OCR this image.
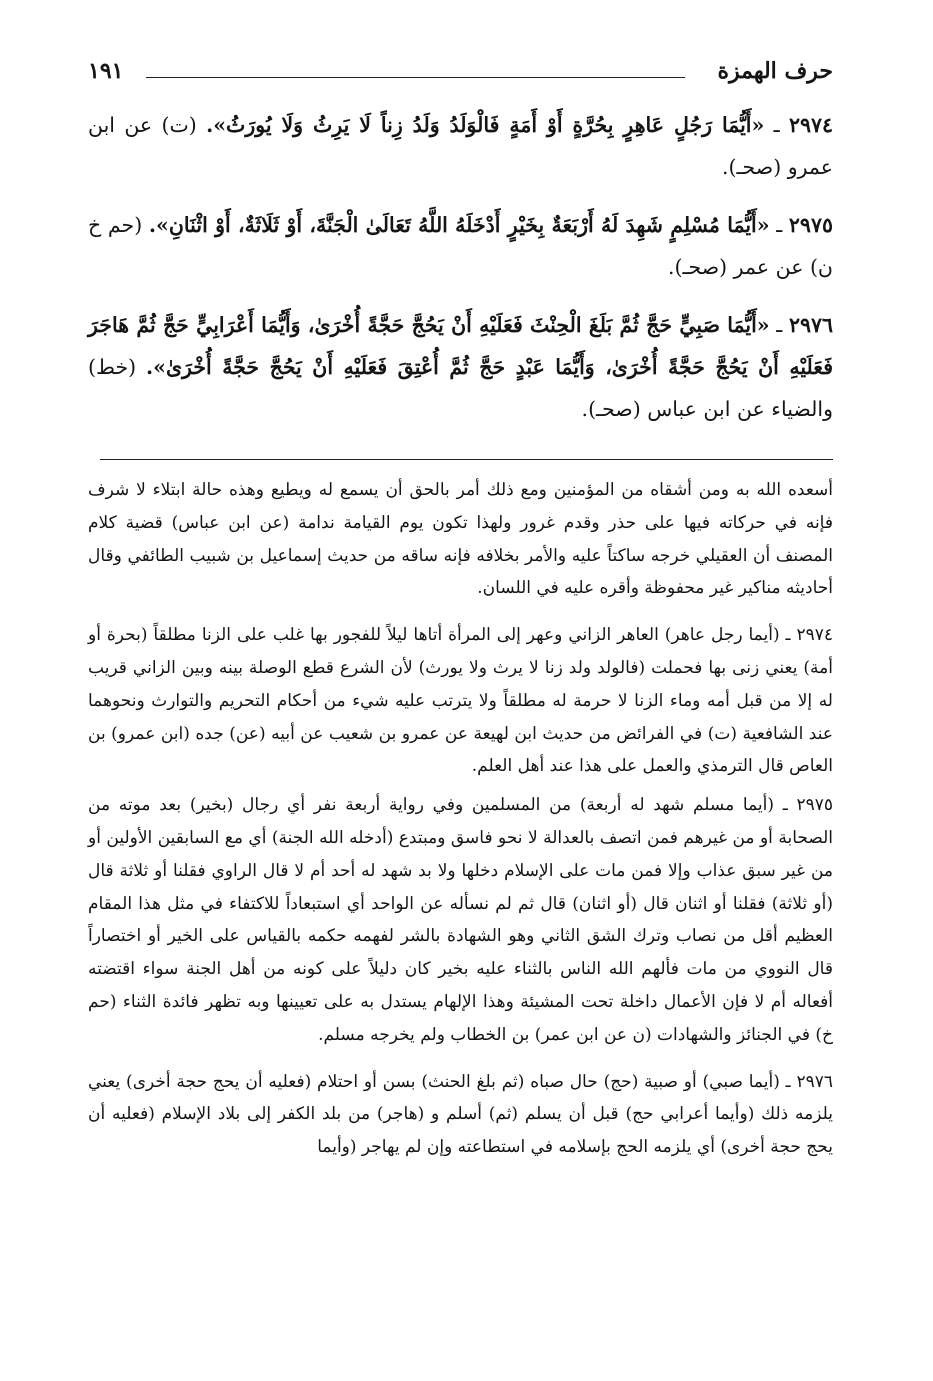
حرف الهمزة
١٩١

٢٩٧٤ ـ «أَيُّمَا رَجُلٍ عَاهِرٍ بِحُرَّةٍ أَوْ أَمَةٍ فَالْوَلَدُ وَلَدُ زِناً لَا يَرِثُ وَلَا يُورَثُ». (ت) عن ابن عمرو (صحـ).

٢٩٧٥ ـ «أَيُّمَا مُسْلِمٍ شَهِدَ لَهُ أَرْبَعَةٌ بِخَيْرٍ أَدْخَلَهُ اللَّهُ تَعَالَىٰ الْجَنَّةَ، أَوْ ثَلَاثَةٌ، أَوْ اثْنَانِ». (حم خ ن) عن عمر (صحـ).

٢٩٧٦ ـ «أَيُّمَا صَبِيٍّ حَجَّ ثُمَّ بَلَغَ الْحِنْثَ فَعَلَيْهِ أَنْ يَحُجَّ حَجَّةً أُخْرَىٰ، وَأَيُّمَا أَعْرَابِيٍّ حَجَّ ثُمَّ هَاجَرَ فَعَلَيْهِ أَنْ يَحُجَّ حَجَّةً أُخْرَىٰ، وَأَيُّمَا عَبْدٍ حَجَّ ثُمَّ أُعْتِقَ فَعَلَيْهِ أَنْ يَحُجَّ حَجَّةً أُخْرَىٰ». (خط) والضياء عن ابن عباس (صحـ).

أسعده الله به ومن أشقاه من المؤمنين ومع ذلك أمر بالحق أن يسمع له ويطيع وهذه حالة ابتلاء لا شرف فإنه في حركاته فيها على حذر وقدم غرور ولهذا تكون يوم القيامة ندامة (عن ابن عباس) قضية كلام المصنف أن العقيلي خرجه ساكتاً عليه والأمر بخلافه فإنه ساقه من حديث إسماعيل بن شبيب الطائفي وقال أحاديثه مناكير غير محفوظة وأقره عليه في اللسان.

٢٩٧٤ ـ (أيما رجل عاهر) العاهر الزاني وعهر إلى المرأة أتاها ليلاً للفجور بها غلب على الزنا مطلقاً (بحرة أو أمة) يعني زنى بها فحملت (فالولد ولد زنا لا يرث ولا يورث) لأن الشرع قطع الوصلة بينه وبين الزاني قريب له إلا من قبل أمه وماء الزنا لا حرمة له مطلقاً ولا يترتب عليه شيء من أحكام التحريم والتوارث ونحوهما عند الشافعية (ت) في الفرائض من حديث ابن لهيعة عن عمرو بن شعيب عن أبيه (عن) جده (ابن عمرو) بن العاص قال الترمذي والعمل على هذا عند أهل العلم.

٢٩٧٥ ـ (أيما مسلم شهد له أربعة) من المسلمين وفي رواية أربعة نفر أي رجال (بخير) بعد موته من الصحابة أو من غيرهم فمن اتصف بالعدالة لا نحو فاسق ومبتدع (أدخله الله الجنة) أي مع السابقين الأولين أو من غير سبق عذاب وإلا فمن مات على الإسلام دخلها ولا بد شهد له أحد أم لا قال الراوي فقلنا أو ثلاثة قال (أو ثلاثة) فقلنا أو اثنان قال (أو اثنان) قال ثم لم نسأله عن الواحد أي استبعاداً للاكتفاء في مثل هذا المقام العظيم أقل من نصاب وترك الشق الثاني وهو الشهادة بالشر لفهمه حكمه بالقياس على الخير أو اختصاراً قال النووي من مات فألهم الله الناس بالثناء عليه بخير كان دليلاً على كونه من أهل الجنة سواء اقتضته أفعاله أم لا فإن الأعمال داخلة تحت المشيئة وهذا الإلهام يستدل به على تعيينها وبه تظهر فائدة الثناء (حم خ) في الجنائز والشهادات (ن عن ابن عمر) بن الخطاب ولم يخرجه مسلم.

٢٩٧٦ ـ (أيما صبي) أو صبية (حج) حال صباه (ثم بلغ الحنث) بسن أو احتلام (فعليه أن يحج حجة أخرى) يعني يلزمه ذلك (وأيما أعرابي حج) قبل أن يسلم (ثم) أسلم و (هاجر) من بلد الكفر إلى بلاد الإسلام (فعليه أن يحج حجة أخرى) أي يلزمه الحج بإسلامه في استطاعته وإن لم يهاجر (وأيما
